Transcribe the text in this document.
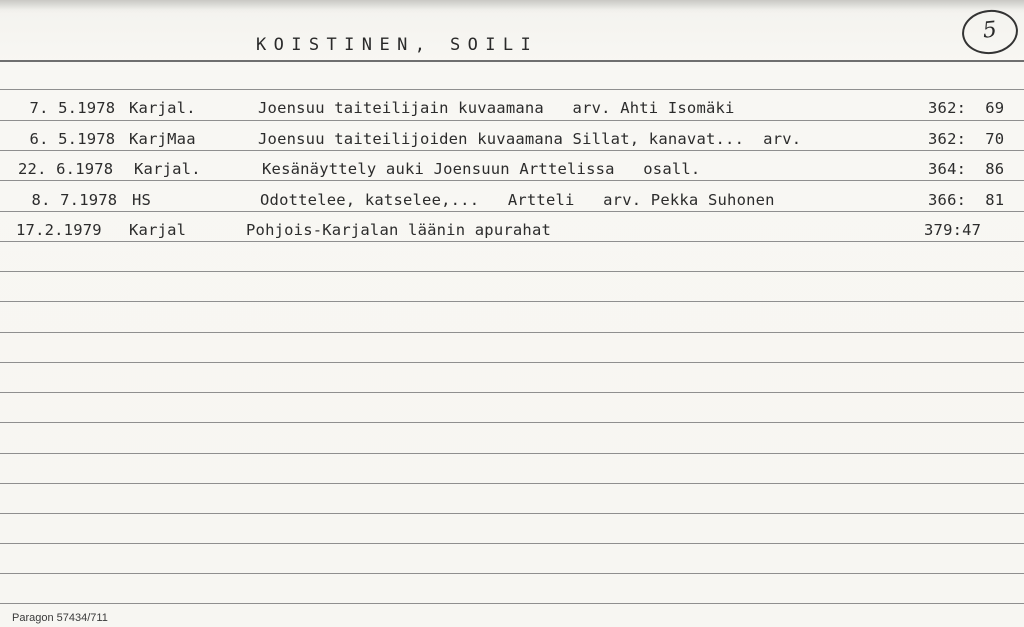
KOISTINEN, SOILI
5
7. 5.1978 Karjal.	Joensuu taiteilijain kuvaamana   arv. Ahti Isomäki	362:  69
6. 5.1978 KarjMaa	Joensuu taiteilijoiden kuvaamana Sillat, kanavat...  arv.	362:  70
22. 6.1978 Karjal.	Kesänäyttely auki Joensuun Arttelissa   osall.	364:  86
8. 7.1978 HS	Odottelee, katselee,...   Artteli   arv. Pekka Suhonen	366:  81
17.2.1979 Karjal	Pohjois-Karjalan läänin apurahat	379:47
Paragon 57434/711
